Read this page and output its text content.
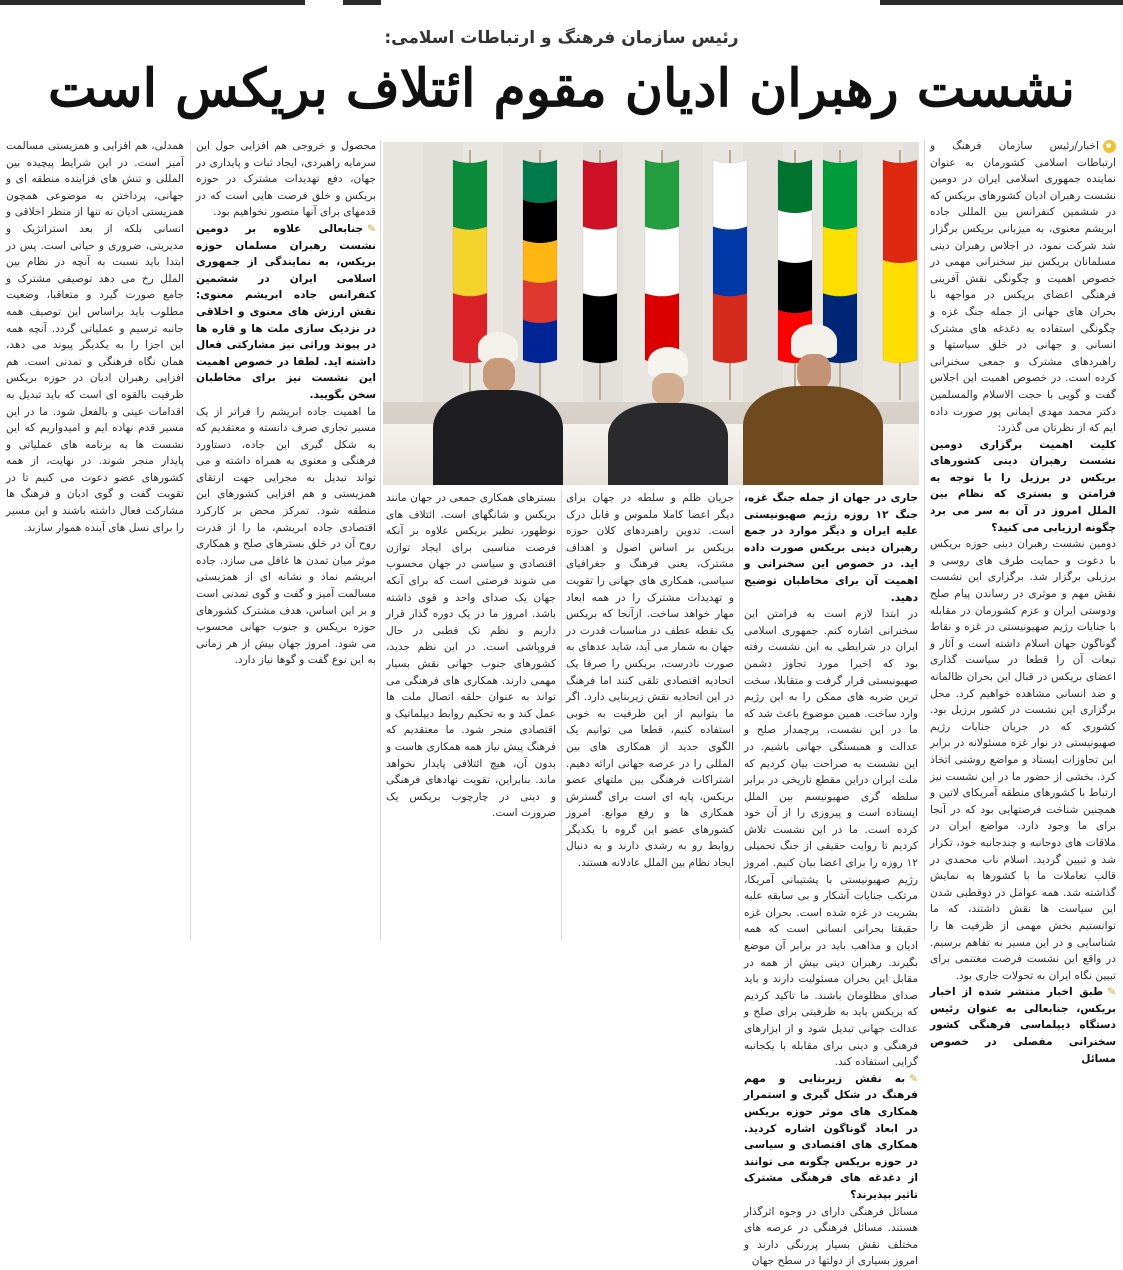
رئیس سازمان فرهنگ و ارتباطات اسلامی:
نشست رهبران ادیان مقوم ائتلاف بریکس است

اخبار/رئیس سازمان فرهنگ و ارتباطات اسلامی کشورمان به عنوان نماینده جمهوری اسلامی ایران در دومین نشست رهبران ادیان کشورهای بریکس که در ششمین کنفرانس بین المللی جاده ابریشم معنوی، به میزبانی بریکس برگزار شد شرکت نمود، در اجلاس رهبران دینی مسلمانان بریکس نیز سخنرانی مهمی در خصوص اهمیت و چگونگی نقش آفرینی فرهنگی اعضای بریکس در مواجهه با بحران های جهانی از جمله جنگ غزه و چگونگی استفاده به دغدغه های مشترک انسانی و جهانی در خلق سیاستها و راهبردهای مشترک و جمعی سخنرانی کرده است. در خصوص اهمیت این اجلاس گفت و گویی با حجت الاسلام والمسلمین دکتر محمد مهدی ایمانی پور صورت داده ایم که از نظرتان می گذرد:

کلیت اهمیت برگزاری دومین نشست رهبران دینی کشورهای بریکس در برزیل را با توجه به فرامتن و بستری که نظام بین الملل امروز در آن به سر می برد چگونه ارزیابی می کنید؟

دومین نشست رهبران دینی حوزه بریکس با دعوت و حمایت طرف های روسی و برزیلی برگزار شد. برگزاری این نشست نقش مهم و موثری در رساندن پیام صلح ودوستی ایران و عزم کشورمان در مقابله با جنایات رژیم صهیونیستی در غزه و نقاط گوناگون جهان اسلام داشته است و آثار و تبعات آن را قطعا در سیاست گذاری اعضای بریکس در قبال این بحران ظالمانه و ضد انسانی مشاهده خواهیم کرد. محل برگزاری این نشست در کشور برزیل بود. کشوری که در جریان جنایات رژیم صهیونیستی در نوار غزه مسئولانه در برابر این تجاوزات ایستاد و مواضع روشنی اتخاذ کرد. بخشی از حضور ما در این نشست نیز ارتباط با کشورهای منطقه آمریکای لاتین و همچنین شناخت فرصتهایی بود که در آنجا برای ما وجود دارد. مواضع ایران در ملاقات های دوجانبه و چندجانبه خود، تکرار شد و تبیین گردید. اسلام ناب محمدی در قالب تعاملات ما با کشورها به نمایش گذاشته شد. همه عوامل در دوقطبی شدن این سیاست ها نقش داشتند، که ما توانستیم بخش مهمی از ظرفیت ها را شناسایی و در این مسیر به تفاهم برسیم. در واقع این نشست فرصت مغتنمی برای تبیین نگاه ایران به تحولات جاری بود.

✎طبق اخبار منتشر شده از اخبار بریکس، جنابعالی به عنوان رئیس دستگاه دیپلماسی فرهنگی کشور سخنرانی مفصلی در خصوص مسائل

همدلی، هم افزایی و همزیستی مسالمت آمیز است. در این شرایط پیچیده بین المللی و تنش های فزاینده منطقه ای و جهانی، پرداختن به موضوعی همچون همزیستی ادیان نه تنها از منظر اخلاقی و انسانی بلکه از بعد استراتژیک و مدیریتی، ضروری و حیاتی است. پس در ابتدا باید نسبت به آنچه در نظام بین الملل رخ می دهد توصیفی مشترک و جامع صورت گیرد و متعاقبا، وضعیت مطلوب باید براساس این توصیف همه جانبه ترسیم و عملیاتی گردد. آنچه همه این اجزا را به یکدیگر پیوند می دهد، همان نگاه فرهنگی و تمدنی است. هم افزایی رهبران ادیان در حوزه بریکس ظرفیت بالقوه ای است که باید تبدیل به اقدامات عینی و بالفعل شود. ما در این مسیر قدم نهاده ایم و امیدواریم که این نشست ها به برنامه های عملیاتی و پایدار منجر شوند. در نهایت، از همه کشورهای عضو دعوت می کنیم تا در تقویت گفت و گوی ادیان و فرهنگ ها مشارکت فعال داشته باشند و این مسیر را برای نسل های آینده هموار سازند.

محصول و خروجی هم افزایی حول این سرمایه راهبردی، ایجاد ثبات و پایداری در جهان، دفع تهدیدات مشترک در حوزه بریکس و خلق فرصت هایی است که در قدمهای برای آنها متصور نخواهیم بود.

✎جنابعالی علاوه بر دومین نشست رهبران مسلمان حوزه بریکس، به نمایندگی از جمهوری اسلامی ایران در ششمین کنفرانس جاده ابریشم معنوی: نقش ارزش های معنوی و اخلاقی در نزدیک سازی ملت ها و قاره ها در پیوند وراثی نیز مشارکتی فعال داشته اید. لطفا در خصوص اهمیت این نشست نیز برای مخاطبان سخن بگویید.

ما اهمیت جاده ابریشم را فراتر از یک مسیر تجاری صرف دانسته و معتقدیم که به شکل گیری این جاده، دستاورد فرهنگی و معنوی به همراه داشته و می تواند تبدیل به مجرایی جهت ارتقای همزیستی و هم افزایی کشورهای این منطقه شود. تمرکز محض بر کارکرد اقتصادی جاده ابریشم، ما را از قدرت روح آن در خلق بسترهای صلح و همکاری موثر میان تمدن ها غافل می سازد. جاده ابریشم نماد و نشانه ای از همزیستی مسالمت آمیز و گفت و گوی تمدنی است و بر این اساس، هدف مشترک کشورهای حوزه بریکس و جنوب جهانی محسوب می شود. امروز جهان بیش از هر زمانی به این نوع گفت و گوها نیاز دارد.

جاری در جهان از جمله جنگ غزه، جنگ ۱۲ روزه رژیم صهیونیستی علیه ایران و دیگر موارد در جمع رهبران دینی بریکس صورت داده اید. در خصوص این سخنرانی و اهمیت آن برای مخاطبان توضیح دهید.

در ابتدا لازم است به فرامتن این سخنرانی اشاره کنم. جمهوری اسلامی ایران در شرایطی به این نشست رفته بود که اخیرا مورد تجاوز دشمن صهیونیستی قرار گرفت و متقابلا، سخت ترین ضربه های ممکن را به این رژیم وارد ساخت. همین موضوع باعث شد که ما در این نشست، پرچمدار صلح و عدالت و همبستگی جهانی باشیم. در این نشست به صراحت بیان کردیم که ملت ایران دراین مقطع تاریخی در برابر سلطه گری صهیونیسم بین الملل ایستاده است و پیروزی را از آن خود کرده است. ما در این نشست تلاش کردیم تا روایت حقیقی از جنگ تحمیلی ۱۲ روزه را برای اعضا بیان کنیم. امروز رژیم صهیونیستی با پشتیبانی آمریکا، مرتکب جنایات آشکار و بی سابقه علیه بشریت در غزه شده است. بحران غزه حقیقتا بحرانی انسانی است که همه ادیان و مذاهب باید در برابر آن موضع بگیرند. رهبران دینی بیش از همه در مقابل این بحران مسئولیت دارند و باید صدای مظلومان باشند. ما تاکید کردیم که بریکس باید به ظرفیتی برای صلح و عدالت جهانی تبدیل شود و از ابزارهای فرهنگی و دینی برای مقابله با یکجانبه گرایی استفاده کند.

✎به نقش زیربنایی و مهم فرهنگ در شکل گیری و استمرار همکاری های موثر حوزه بریکس در ابعاد گوناگون اشاره کردید. همکاری های اقتصادی و سیاسی در حوزه بریکس چگونه می توانند از دغدغه های فرهنگی مشترک تاثیر بپذیرند؟

مسائل فرهنگی دارای در وجوه اثرگذار هستند. مسائل فرهنگی در عرصه های مختلف نقش بسیار پررنگی دارند و امروز بسیاری از دولتها در سطح جهان

جریان ظلم و سلطه در جهان برای دیگر اعضا کاملا ملموس و قابل درک است. تدوین راهبردهای کلان حوزه بریکس بر اساس اصول و اهداف مشترک، یعنی فرهنگ و جغرافیای سیاسی، همکاری های جهانی را تقویت و تهدیدات مشترک را در همه ابعاد مهار خواهد ساخت. ازآنجا که بریکس یک نقطه عطف در مناسبات قدرت در جهان به شمار می آید، شاید عدهای به صورت نادرست، بریکس را صرفا یک اتحادیه اقتصادی تلقی کنند اما فرهنگ در این اتحادیه نقش زیربنایی دارد. اگر ما بتوانیم از این ظرفیت به خوبی استفاده کنیم، قطعا می توانیم یک الگوی جدید از همکاری های بین المللی را در عرصه جهانی ارائه دهیم. اشتراکات فرهنگی بین ملتهای عضو بریکس، پایه ای است برای گسترش همکاری ها و رفع موانع. امروز کشورهای عضو این گروه با یکدیگر روابط رو به رشدی دارند و به دنبال ایجاد نظام بین الملل عادلانه هستند.

بسترهای همکاری جمعی در جهان مانند بریکس و شانگهای است. ائتلاف های نوظهور، نظیر بریکس علاوه بر آنکه فرصت مناسبی برای ایجاد توازن اقتصادی و سیاسی در جهان محسوب می شوند فرصتی است که برای آنکه جهان یک صدای واحد و قوی داشته باشد. امروز ما در یک دوره گذار قرار داریم و نظم تک قطبی در حال فروپاشی است. در این نظم جدید، کشورهای جنوب جهانی نقش بسیار مهمی دارند. همکاری های فرهنگی می تواند به عنوان حلقه اتصال ملت ها عمل کند و به تحکیم روابط دیپلماتیک و اقتصادی منجر شود. ما معتقدیم که فرهنگ پیش نیاز همه همکاری هاست و بدون آن، هیچ ائتلافی پایدار نخواهد ماند. بنابراین، تقویت نهادهای فرهنگی و دینی در چارچوب بریکس یک ضرورت است.
